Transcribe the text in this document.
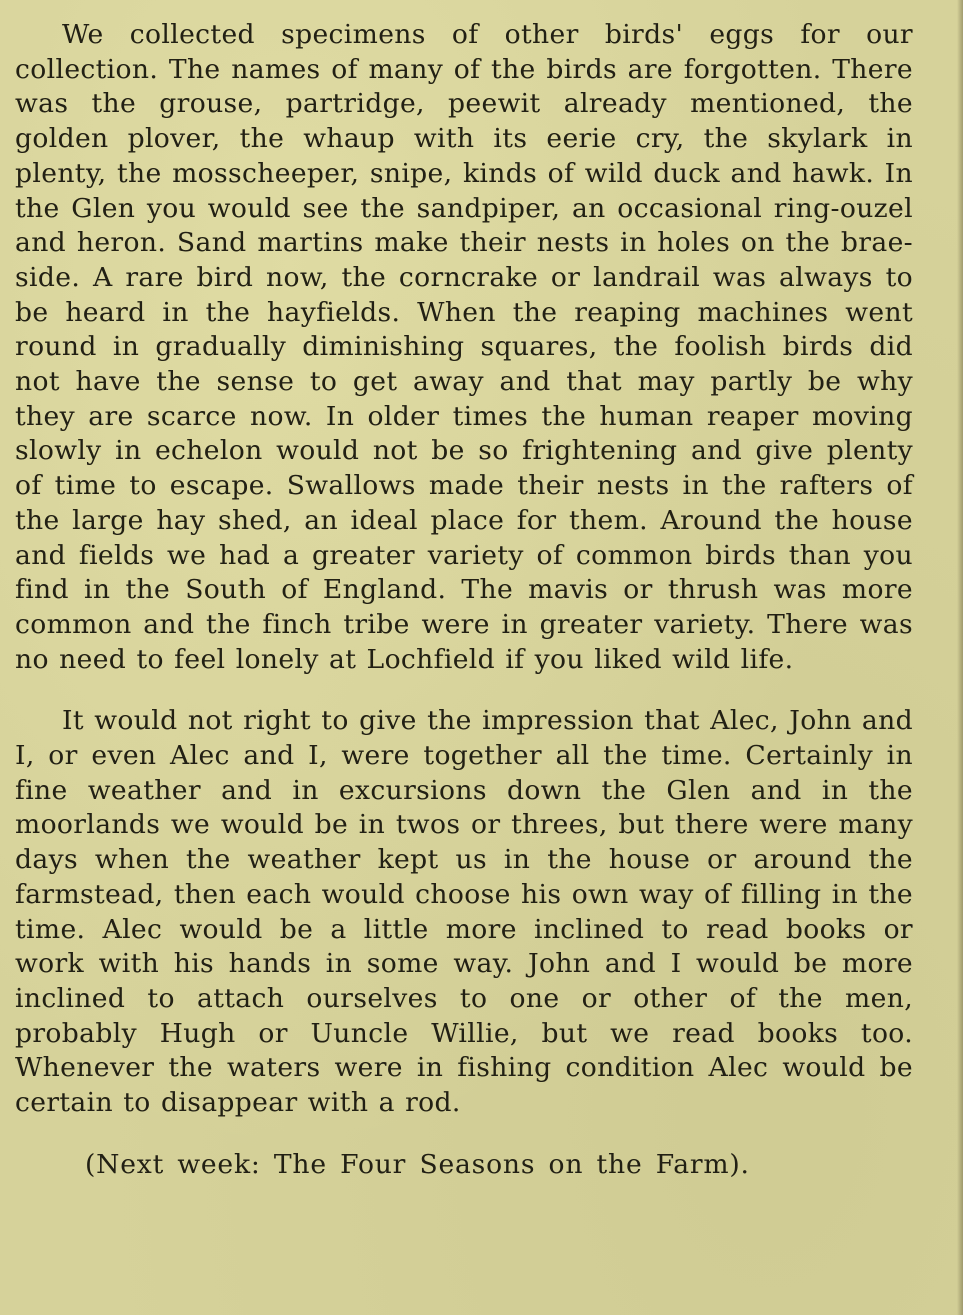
We collected specimens of other birds' eggs for our collection. The names of many of the birds are forgotten. There was the grouse, partridge, peewit already mentioned, the golden plover, the whaup with its eerie cry, the skylark in plenty, the mosscheeper, snipe, kinds of wild duck and hawk. In the Glen you would see the sandpiper, an occasional ring-ouzel and heron. Sand martins make their nests in holes on the brae-side. A rare bird now, the corncrake or landrail was always to be heard in the hayfields. When the reaping machines went round in gradually diminishing squares, the foolish birds did not have the sense to get away and that may partly be why they are scarce now. In older times the human reaper moving slowly in echelon would not be so frightening and give plenty of time to escape. Swallows made their nests in the rafters of the large hay shed, an ideal place for them. Around the house and fields we had a greater variety of common birds than you find in the South of England. The mavis or thrush was more common and the finch tribe were in greater variety. There was no need to feel lonely at Lochfield if you liked wild life.

It would not right to give the impression that Alec, John and I, or even Alec and I, were together all the time. Certainly in fine weather and in excursions down the Glen and in the moorlands we would be in twos or threes, but there were many days when the weather kept us in the house or around the farmstead, then each would choose his own way of filling in the time. Alec would be a little more inclined to read books or work with his hands in some way. John and I would be more inclined to attach ourselves to one or other of the men, probably Hugh or Uuncle Willie, but we read books too. Whenever the waters were in fishing condition Alec would be certain to disappear with a rod.

(Next week: The Four Seasons on the Farm).
